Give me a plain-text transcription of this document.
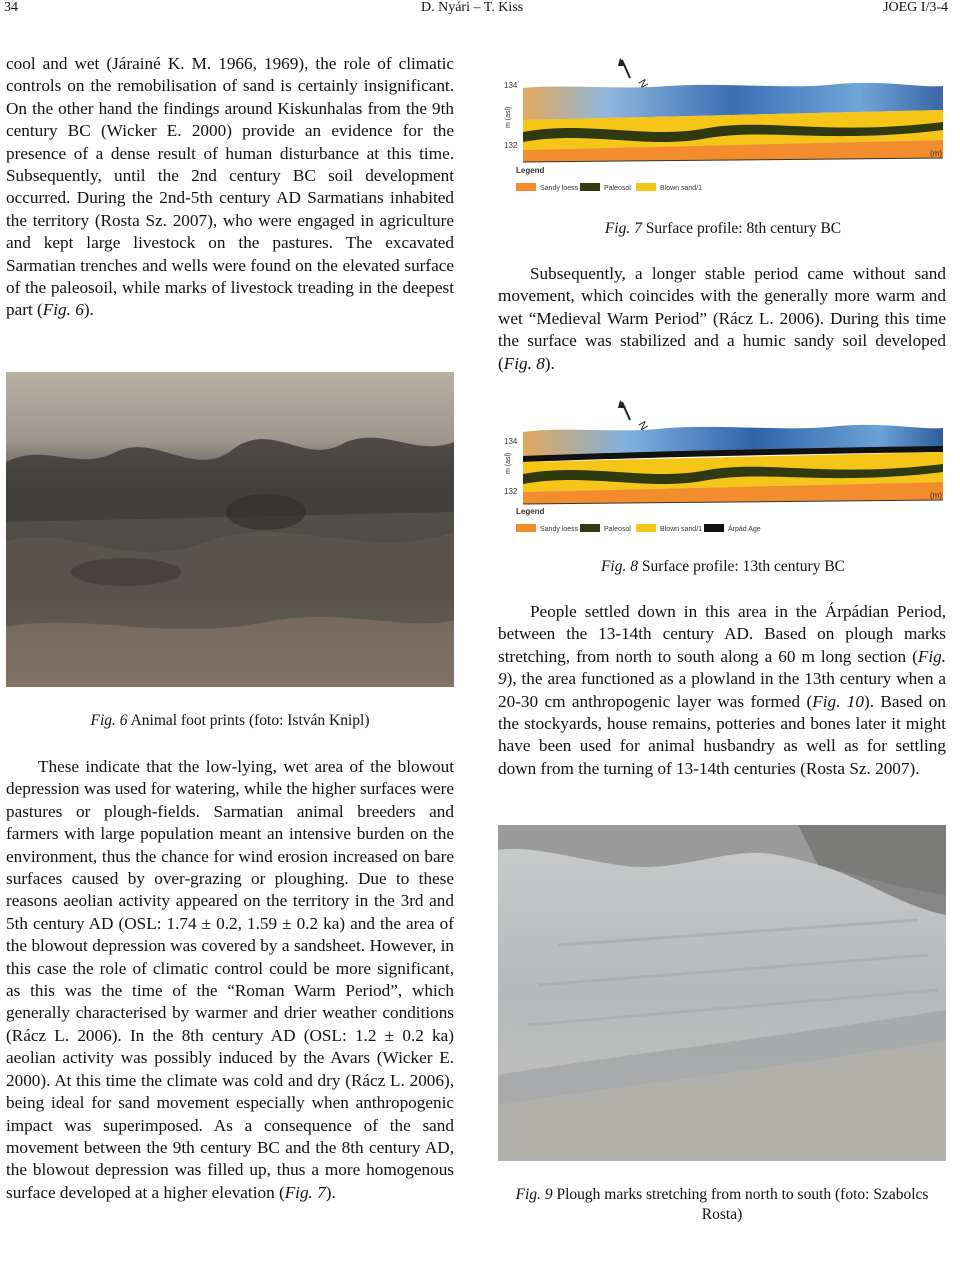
34	D. Nyári – T. Kiss	JOEG I/3-4

cool and wet (Járainé K. M. 1966, 1969), the role of climatic controls on the remobilisation of sand is certainly insignificant. On the other hand the findings around Kiskunhalas from the 9th century BC (Wicker E. 2000) provide an evidence for the presence of a dense result of human disturbance at this time. Subsequently, until the 2nd century BC soil development occurred. During the 2nd-5th century AD Sarmatians inhabited the territory (Rosta Sz. 2007), who were engaged in agriculture and kept large livestock on the pastures. The excavated Sarmatian trenches and wells were found on the elevated surface of the paleosoil, while marks of livestock treading in the deepest part (Fig. 6).

Fig. 6 Animal foot prints (foto: István Knipl)

These indicate that the low-lying, wet area of the blowout depression was used for watering, while the higher surfaces were pastures or plough-fields. Sarmatian animal breeders and farmers with large population meant an intensive burden on the environment, thus the chance for wind erosion increased on bare surfaces caused by over-grazing or ploughing. Due to these reasons aeolian activity appeared on the territory in the 3rd and 5th century AD (OSL: 1.74 ± 0.2, 1.59 ± 0.2 ka) and the area of the blowout depression was covered by a sandsheet. However, in this case the role of climatic control could be more significant, as this was the time of the “Roman Warm Period”, which generally characterised by warmer and drier weather conditions (Rácz L. 2006). In the 8th century AD (OSL: 1.2 ± 0.2 ka) aeolian activity was possibly induced by the Avars (Wicker E. 2000). At this time the climate was cold and dry (Rácz L. 2006), being ideal for sand movement especially when anthropogenic impact was superimposed. As a consequence of the sand movement between the 9th century BC and the 8th century AD, the blowout depression was filled up, thus a more homogenous surface developed at a higher elevation (Fig. 7).

N
134
132
m (asl)
(m)
Legend
Sandy loess	Paleosol	Blown sand/1
Fig. 7 Surface profile: 8th century BC

Subsequently, a longer stable period came without sand movement, which coincides with the generally more warm and wet “Medieval Warm Period” (Rácz L. 2006). During this time the surface was stabilized and a humic sandy soil developed (Fig. 8).

N
134
132
m (asl)
(m)
Legend
Sandy loess	Paleosol	Blown sand/1	Árpád Age
Fig. 8 Surface profile: 13th century BC

People settled down in this area in the Árpádian Period, between the 13-14th century AD. Based on plough marks stretching, from north to south along a 60 m long section (Fig. 9), the area functioned as a plowland in the 13th century when a 20-30 cm anthropogenic layer was formed (Fig. 10). Based on the stockyards, house remains, potteries and bones later it might have been used for animal husbandry as well as for settling down from the turning of 13-14th centuries (Rosta Sz. 2007).

Fig. 9 Plough marks stretching from north to south (foto: Szabolcs Rosta)
